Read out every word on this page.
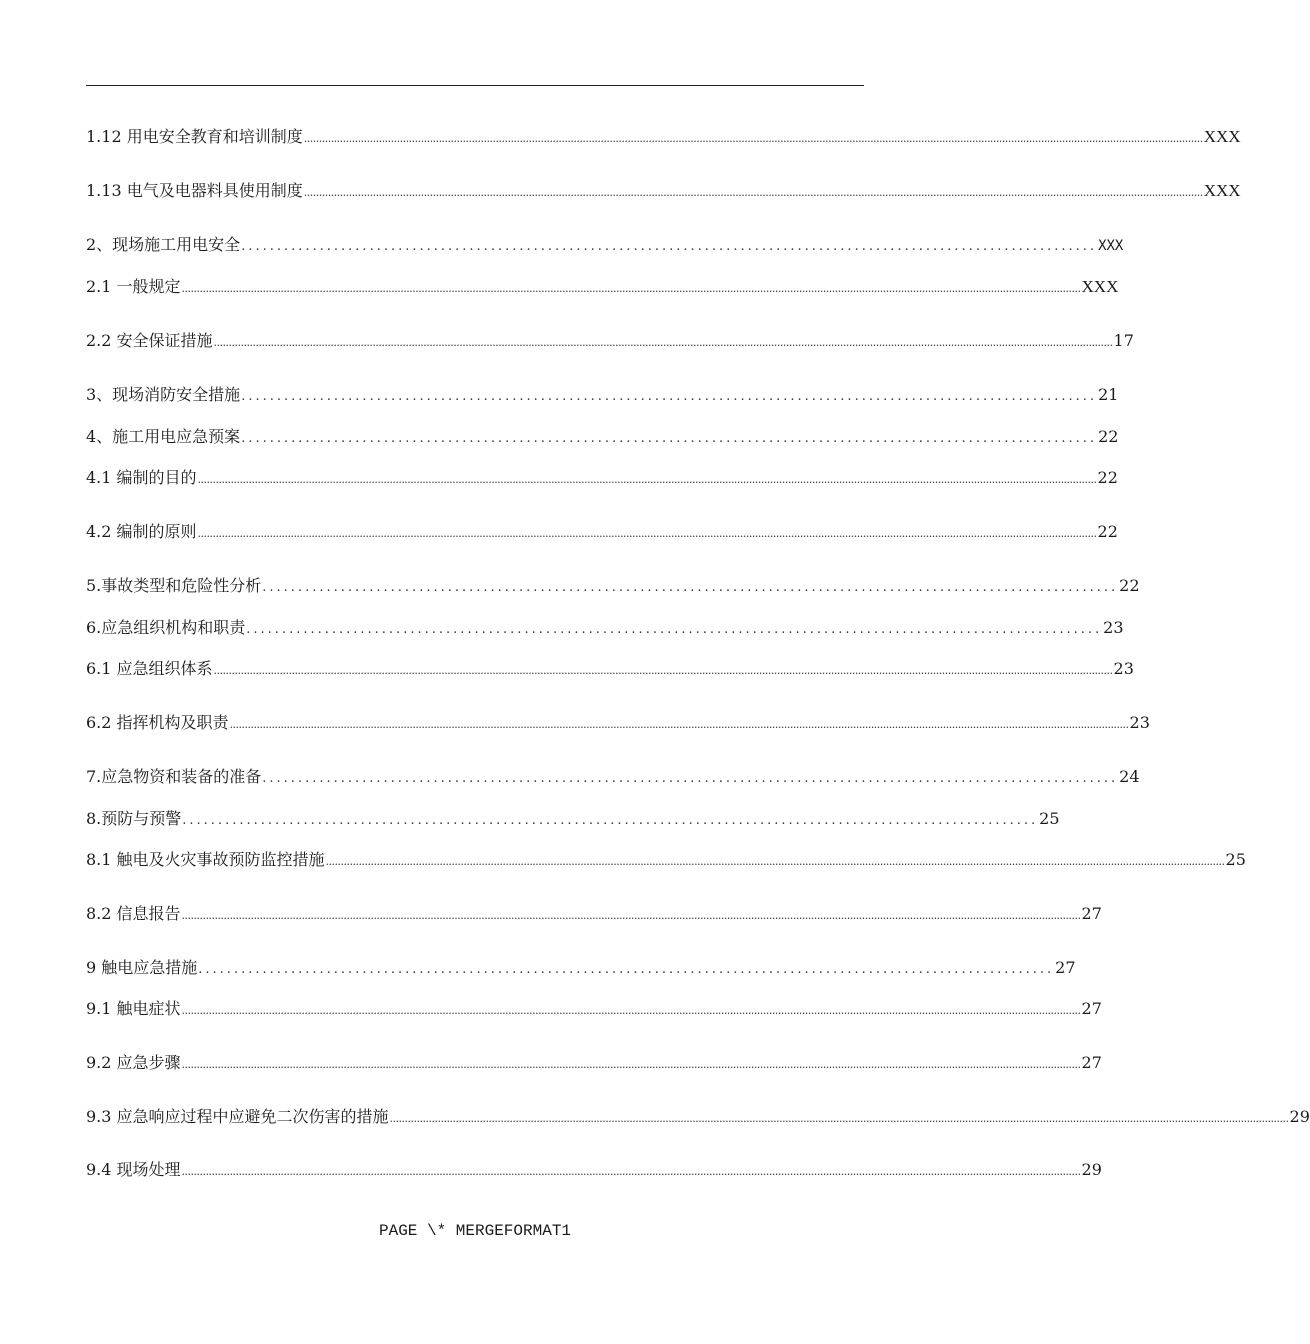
1.12 用电安全教育和培训制度 ............................................................................................................................................................................................................................................................................................................ XXX
1.13 电气及电器料具使用制度 ............................................................................................................................................................................................................................................................................................................ XXX
2、现场施工用电安全 ........................................................................................................................ XXX
2.1 一般规定 ............................................................................................................................................................................................................................................................................................................ XXX
2.2 安全保证措施 ............................................................................................................................................................................................................................................................................................................ 17
3、现场消防安全措施 ........................................................................................................................ 21
4、施工用电应急预案 ........................................................................................................................ 22
4.1 编制的目的 ............................................................................................................................................................................................................................................................................................................ 22
4.2 编制的原则 ............................................................................................................................................................................................................................................................................................................ 22
5.事故类型和危险性分析 ........................................................................................................................ 22
6.应急组织机构和职责 ........................................................................................................................ 23
6.1 应急组织体系 ............................................................................................................................................................................................................................................................................................................ 23
6.2 指挥机构及职责 ............................................................................................................................................................................................................................................................................................................ 23
7.应急物资和装备的准备 ........................................................................................................................ 24
8.预防与预警 ........................................................................................................................ 25
8.1 触电及火灾事故预防监控措施 ............................................................................................................................................................................................................................................................................................................ 25
8.2 信息报告 ............................................................................................................................................................................................................................................................................................................ 27
9 触电应急措施 ........................................................................................................................ 27
9.1 触电症状 ............................................................................................................................................................................................................................................................................................................ 27
9.2 应急步骤 ............................................................................................................................................................................................................................................................................................................ 27
9.3 应急响应过程中应避免二次伤害的措施 ............................................................................................................................................................................................................................................................................................................ 29
9.4 现场处理 ............................................................................................................................................................................................................................................................................................................ 29
PAGE \* MERGEFORMAT1
